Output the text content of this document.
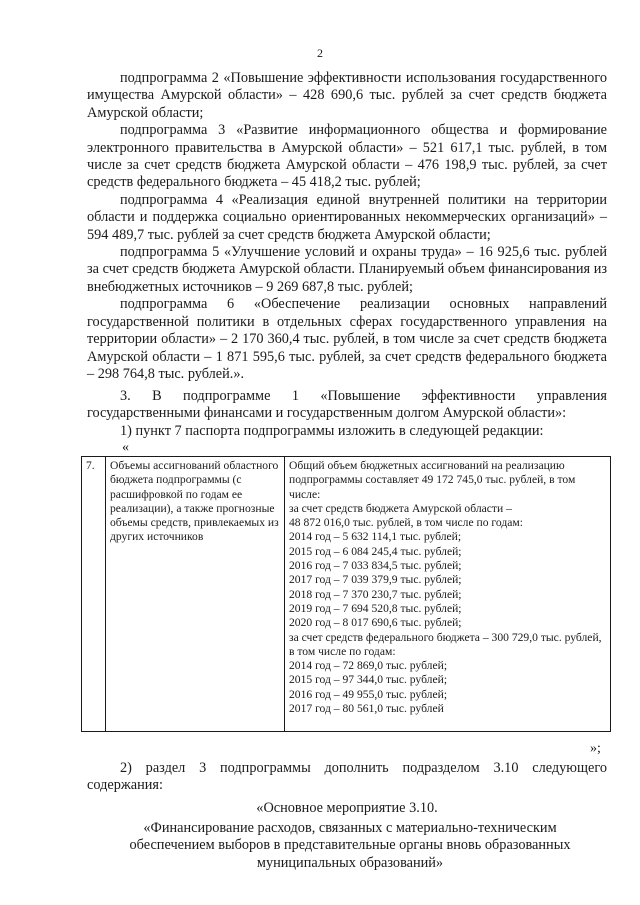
2

подпрограмма 2 «Повышение эффективности использования государственного имущества Амурской области» – 428 690,6 тыс. рублей за счет средств бюджета Амурской области;

подпрограмма 3 «Развитие информационного общества и формирование электронного правительства в Амурской области» – 521 617,1 тыс. рублей, в том числе за счет средств бюджета Амурской области – 476 198,9 тыс. рублей, за счет средств федерального бюджета – 45 418,2 тыс. рублей;

подпрограмма 4 «Реализация единой внутренней политики на территории области и поддержка социально ориентированных некоммерческих организаций» – 594 489,7 тыс. рублей за счет средств бюджета Амурской области;

подпрограмма 5 «Улучшение условий и охраны труда» – 16 925,6 тыс. рублей за счет средств бюджета Амурской области. Планируемый объем финансирования из внебюджетных источников – 9 269 687,8 тыс. рублей;

подпрограмма 6 «Обеспечение реализации основных направлений государственной политики в отдельных сферах государственного управления на территории области» – 2 170 360,4 тыс. рублей, в том числе за счет средств бюджета Амурской области – 1 871 595,6 тыс. рублей, за счет средств федерального бюджета – 298 764,8 тыс. рублей.».

3. В подпрограмме 1 «Повышение эффективности управления государственными финансами и государственным долгом Амурской области»:

1) пункт 7 паспорта подпрограммы изложить в следующей редакции:

«
7.	Объемы ассигнований областного бюджета подпрограммы (с расшифровкой по годам ее реализации), а также прогнозные объемы средств, привлекаемых из других источников	
Общий объем бюджетных ассигнований на реализацию подпрограммы составляет 49 172 745,0 тыс. рублей, в том числе:
за счет средств бюджета Амурской области –
48 872 016,0 тыс. рублей, в том числе по годам:
2014 год – 5 632 114,1 тыс. рублей;
2015 год – 6 084 245,4 тыс. рублей;
2016 год – 7 033 834,5 тыс. рублей;
2017 год – 7 039 379,9 тыс. рублей;
2018 год – 7 370 230,7 тыс. рублей;
2019 год – 7 694 520,8 тыс. рублей;
2020 год – 8 017 690,6 тыс. рублей;
за счет средств федерального бюджета – 300 729,0 тыс. рублей, в том числе по годам:
2014 год – 72 869,0 тыс. рублей;
2015 год – 97 344,0 тыс. рублей;
2016 год – 49 955,0 тыс. рублей;
2017 год – 80 561,0 тыс. рублей
»;

2) раздел 3 подпрограммы дополнить подразделом 3.10 следующего содержания:

«Основное мероприятие 3.10.
«Финансирование расходов, связанных с материально-техническим обеспечением выборов в представительные органы вновь образованных муниципальных образований»
